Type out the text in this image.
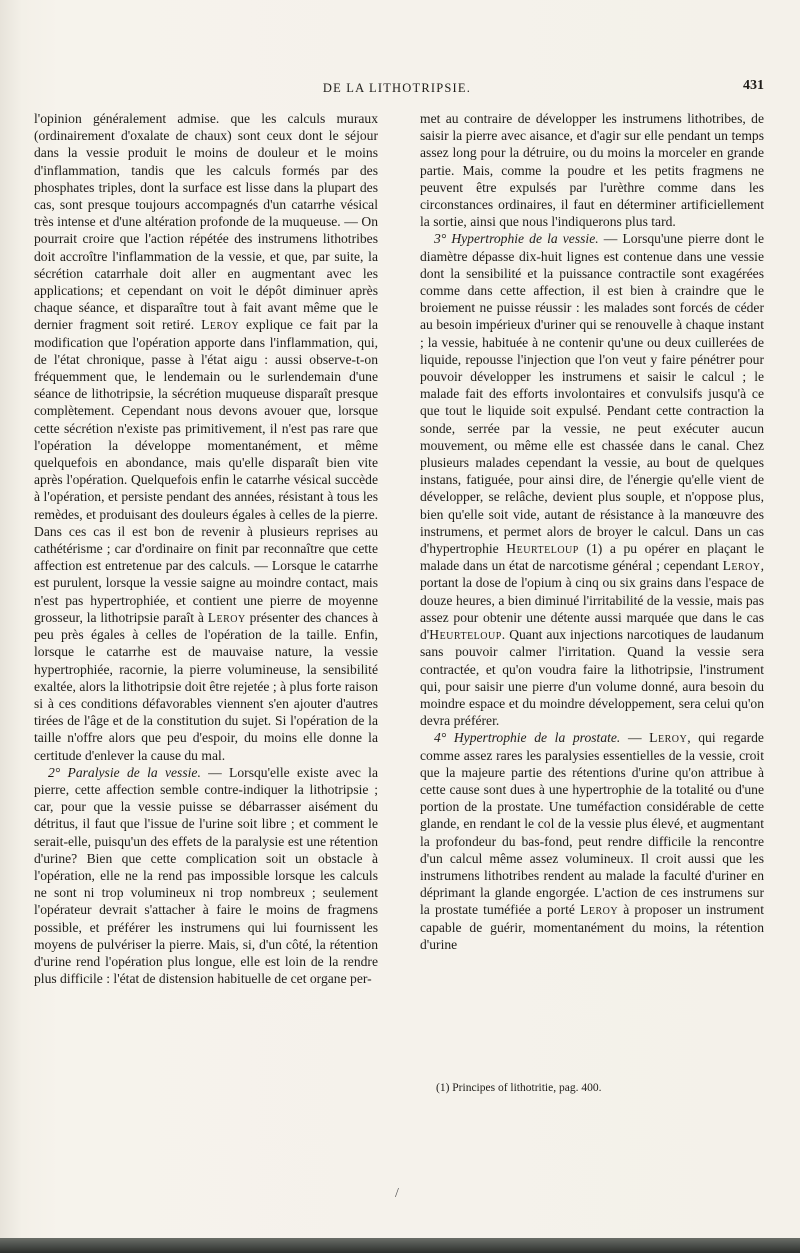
DE LA LITHOTRIPSIE.	431

l'opinion généralement admise. que les calculs muraux (ordinairement d'oxalate de chaux) sont ceux dont le séjour dans la vessie produit le moins de douleur et le moins d'inflammation, tandis que les calculs formés par des phosphates triples, dont la surface est lisse dans la plupart des cas, sont presque toujours accompagnés d'un catarrhe vésical très intense et d'une altération profonde de la muqueuse. — On pourrait croire que l'action répétée des instrumens lithotribes doit accroître l'inflammation de la vessie, et que, par suite, la sécrétion catarrhale doit aller en augmentant avec les applications; et cependant on voit le dépôt diminuer après chaque séance, et disparaître tout à fait avant même que le dernier fragment soit retiré. Leroy explique ce fait par la modification que l'opération apporte dans l'inflammation, qui, de l'état chronique, passe à l'état aigu : aussi observe-t-on fréquemment que, le lendemain ou le surlendemain d'une séance de lithotripsie, la sécrétion muqueuse disparaît presque complètement. Cependant nous devons avouer que, lorsque cette sécrétion n'existe pas primitivement, il n'est pas rare que l'opération la développe momentanément, et même quelquefois en abondance, mais qu'elle disparaît bien vite après l'opération. Quelquefois enfin le catarrhe vésical succède à l'opération, et persiste pendant des années, résistant à tous les remèdes, et produisant des douleurs égales à celles de la pierre. Dans ces cas il est bon de revenir à plusieurs reprises au cathétérisme ; car d'ordinaire on finit par reconnaître que cette affection est entretenue par des calculs. — Lorsque le catarrhe est purulent, lorsque la vessie saigne au moindre contact, mais n'est pas hypertrophiée, et contient une pierre de moyenne grosseur, la lithotripsie paraît à Leroy présenter des chances à peu près égales à celles de l'opération de la taille. Enfin, lorsque le catarrhe est de mauvaise nature, la vessie hypertrophiée, racornie, la pierre volumineuse, la sensibilité exaltée, alors la lithotripsie doit être rejetée ; à plus forte raison si à ces conditions défavorables viennent s'en ajouter d'autres tirées de l'âge et de la constitution du sujet. Si l'opération de la taille n'offre alors que peu d'espoir, du moins elle donne la certitude d'enlever la cause du mal.

2° Paralysie de la vessie. — Lorsqu'elle existe avec la pierre, cette affection semble contre-indiquer la lithotripsie ; car, pour que la vessie puisse se débarrasser aisément du détritus, il faut que l'issue de l'urine soit libre ; et comment le serait-elle, puisqu'un des effets de la paralysie est une rétention d'urine? Bien que cette complication soit un obstacle à l'opération, elle ne la rend pas impossible lorsque les calculs ne sont ni trop volumineux ni trop nombreux ; seulement l'opérateur devrait s'attacher à faire le moins de fragmens possible, et préférer les instrumens qui lui fournissent les moyens de pulvériser la pierre. Mais, si, d'un côté, la rétention d'urine rend l'opération plus longue, elle est loin de la rendre plus difficile : l'état de distension habituelle de cet organe per-

met au contraire de développer les instrumens lithotribes, de saisir la pierre avec aisance, et d'agir sur elle pendant un temps assez long pour la détruire, ou du moins la morceler en grande partie. Mais, comme la poudre et les petits fragmens ne peuvent être expulsés par l'urèthre comme dans les circonstances ordinaires, il faut en déterminer artificiellement la sortie, ainsi que nous l'indiquerons plus tard.

3° Hypertrophie de la vessie. — Lorsqu'une pierre dont le diamètre dépasse dix-huit lignes est contenue dans une vessie dont la sensibilité et la puissance contractile sont exagérées comme dans cette affection, il est bien à craindre que le broiement ne puisse réussir : les malades sont forcés de céder au besoin impérieux d'uriner qui se renouvelle à chaque instant ; la vessie, habituée à ne contenir qu'une ou deux cuillerées de liquide, repousse l'injection que l'on veut y faire pénétrer pour pouvoir développer les instrumens et saisir le calcul ; le malade fait des efforts involontaires et convulsifs jusqu'à ce que tout le liquide soit expulsé. Pendant cette contraction la sonde, serrée par la vessie, ne peut exécuter aucun mouvement, ou même elle est chassée dans le canal. Chez plusieurs malades cependant la vessie, au bout de quelques instans, fatiguée, pour ainsi dire, de l'énergie qu'elle vient de développer, se relâche, devient plus souple, et n'oppose plus, bien qu'elle soit vide, autant de résistance à la manœuvre des instrumens, et permet alors de broyer le calcul. Dans un cas d'hypertrophie Heurteloup (1) a pu opérer en plaçant le malade dans un état de narcotisme général ; cependant Leroy, portant la dose de l'opium à cinq ou six grains dans l'espace de douze heures, a bien diminué l'irritabilité de la vessie, mais pas assez pour obtenir une détente aussi marquée que dans le cas d'Heurteloup. Quant aux injections narcotiques de laudanum sans pouvoir calmer l'irritation. Quand la vessie sera contractée, et qu'on voudra faire la lithotripsie, l'instrument qui, pour saisir une pierre d'un volume donné, aura besoin du moindre espace et du moindre développement, sera celui qu'on devra préférer.

4° Hypertrophie de la prostate. — Leroy, qui regarde comme assez rares les paralysies essentielles de la vessie, croit que la majeure partie des rétentions d'urine qu'on attribue à cette cause sont dues à une hypertrophie de la totalité ou d'une portion de la prostate. Une tuméfaction considérable de cette glande, en rendant le col de la vessie plus élevé, et augmentant la profondeur du bas-fond, peut rendre difficile la rencontre d'un calcul même assez volumineux. Il croit aussi que les instrumens lithotribes rendent au malade la faculté d'uriner en déprimant la glande engorgée. L'action de ces instrumens sur la prostate tuméfiée a porté Leroy à proposer un instrument capable de guérir, momentanément du moins, la rétention d'urine

(1) Principes of lithotritie, pag. 400.
/
